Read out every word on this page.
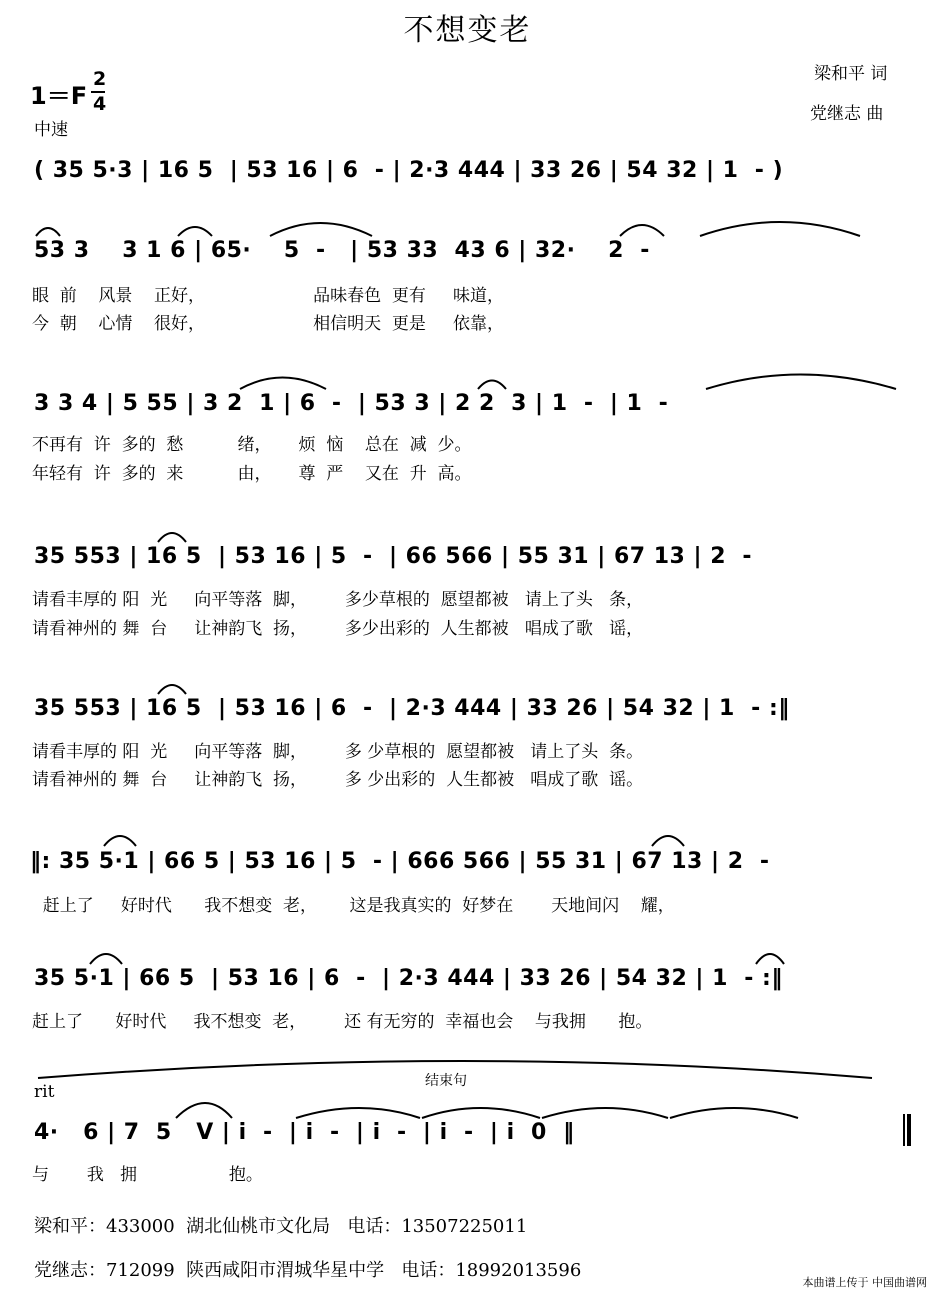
不想变老
梁和平 词
党继志 曲
1＝F
2
4
中速
( 35 5·3 | 16 5  | 53 16 | 6  - | 2·3 444 | 33 26 | 54 32 | 1  - )
53 3    3 1 6 | 65·    5  -   | 53 33  43 6 | 32·    2  -
眼  前    风景    正好，                    品味春色  更有     味道，
今  朝    心情    很好，                    相信明天  更是     依靠，
3 3 4 | 5 55 | 3 2  1 | 6  -  | 53 3 | 2 2  3 | 1  -  | 1  -
不再有  许  多的  愁          绪，     烦  恼    总在  减  少。
年轻有  许  多的  来          由，     尊  严    又在  升  高。
35 553 | 16 5  | 53 16 | 5  -  | 66 566 | 55 31 | 67 13 | 2  -
请看丰厚的 阳  光     向平等落  脚，       多少草根的  愿望都被   请上了头   条，
请看神州的 舞  台     让神韵飞  扬，       多少出彩的  人生都被   唱成了歌   谣，
35 553 | 16 5  | 53 16 | 6  -  | 2·3 444 | 33 26 | 54 32 | 1  - :‖
请看丰厚的 阳  光     向平等落  脚，       多 少草根的  愿望都被   请上了头  条。
请看神州的 舞  台     让神韵飞  扬，       多 少出彩的  人生都被   唱成了歌  谣。
‖: 35 5·1 | 66 5 | 53 16 | 5  - | 666 566 | 55 31 | 67 13 | 2  -
赶上了     好时代      我不想变  老，      这是我真实的  好梦在       天地间闪    耀，
35 5·1 | 66 5  | 53 16 | 6  -  | 2·3 444 | 33 26 | 54 32 | 1  - :‖
赶上了      好时代     我不想变  老，       还 有无穷的  幸福也会    与我拥      抱。
rit
结束句
4·   6 | 7  5   V | i  -  | i  -  | i  -  | i  -  | i  0  ‖
与       我   拥                 抱。
梁和平：433000  湖北仙桃市文化局   电话：13507225011
党继志：712099  陕西咸阳市渭城华星中学   电话：18992013596
本曲谱上传于 中国曲谱网
